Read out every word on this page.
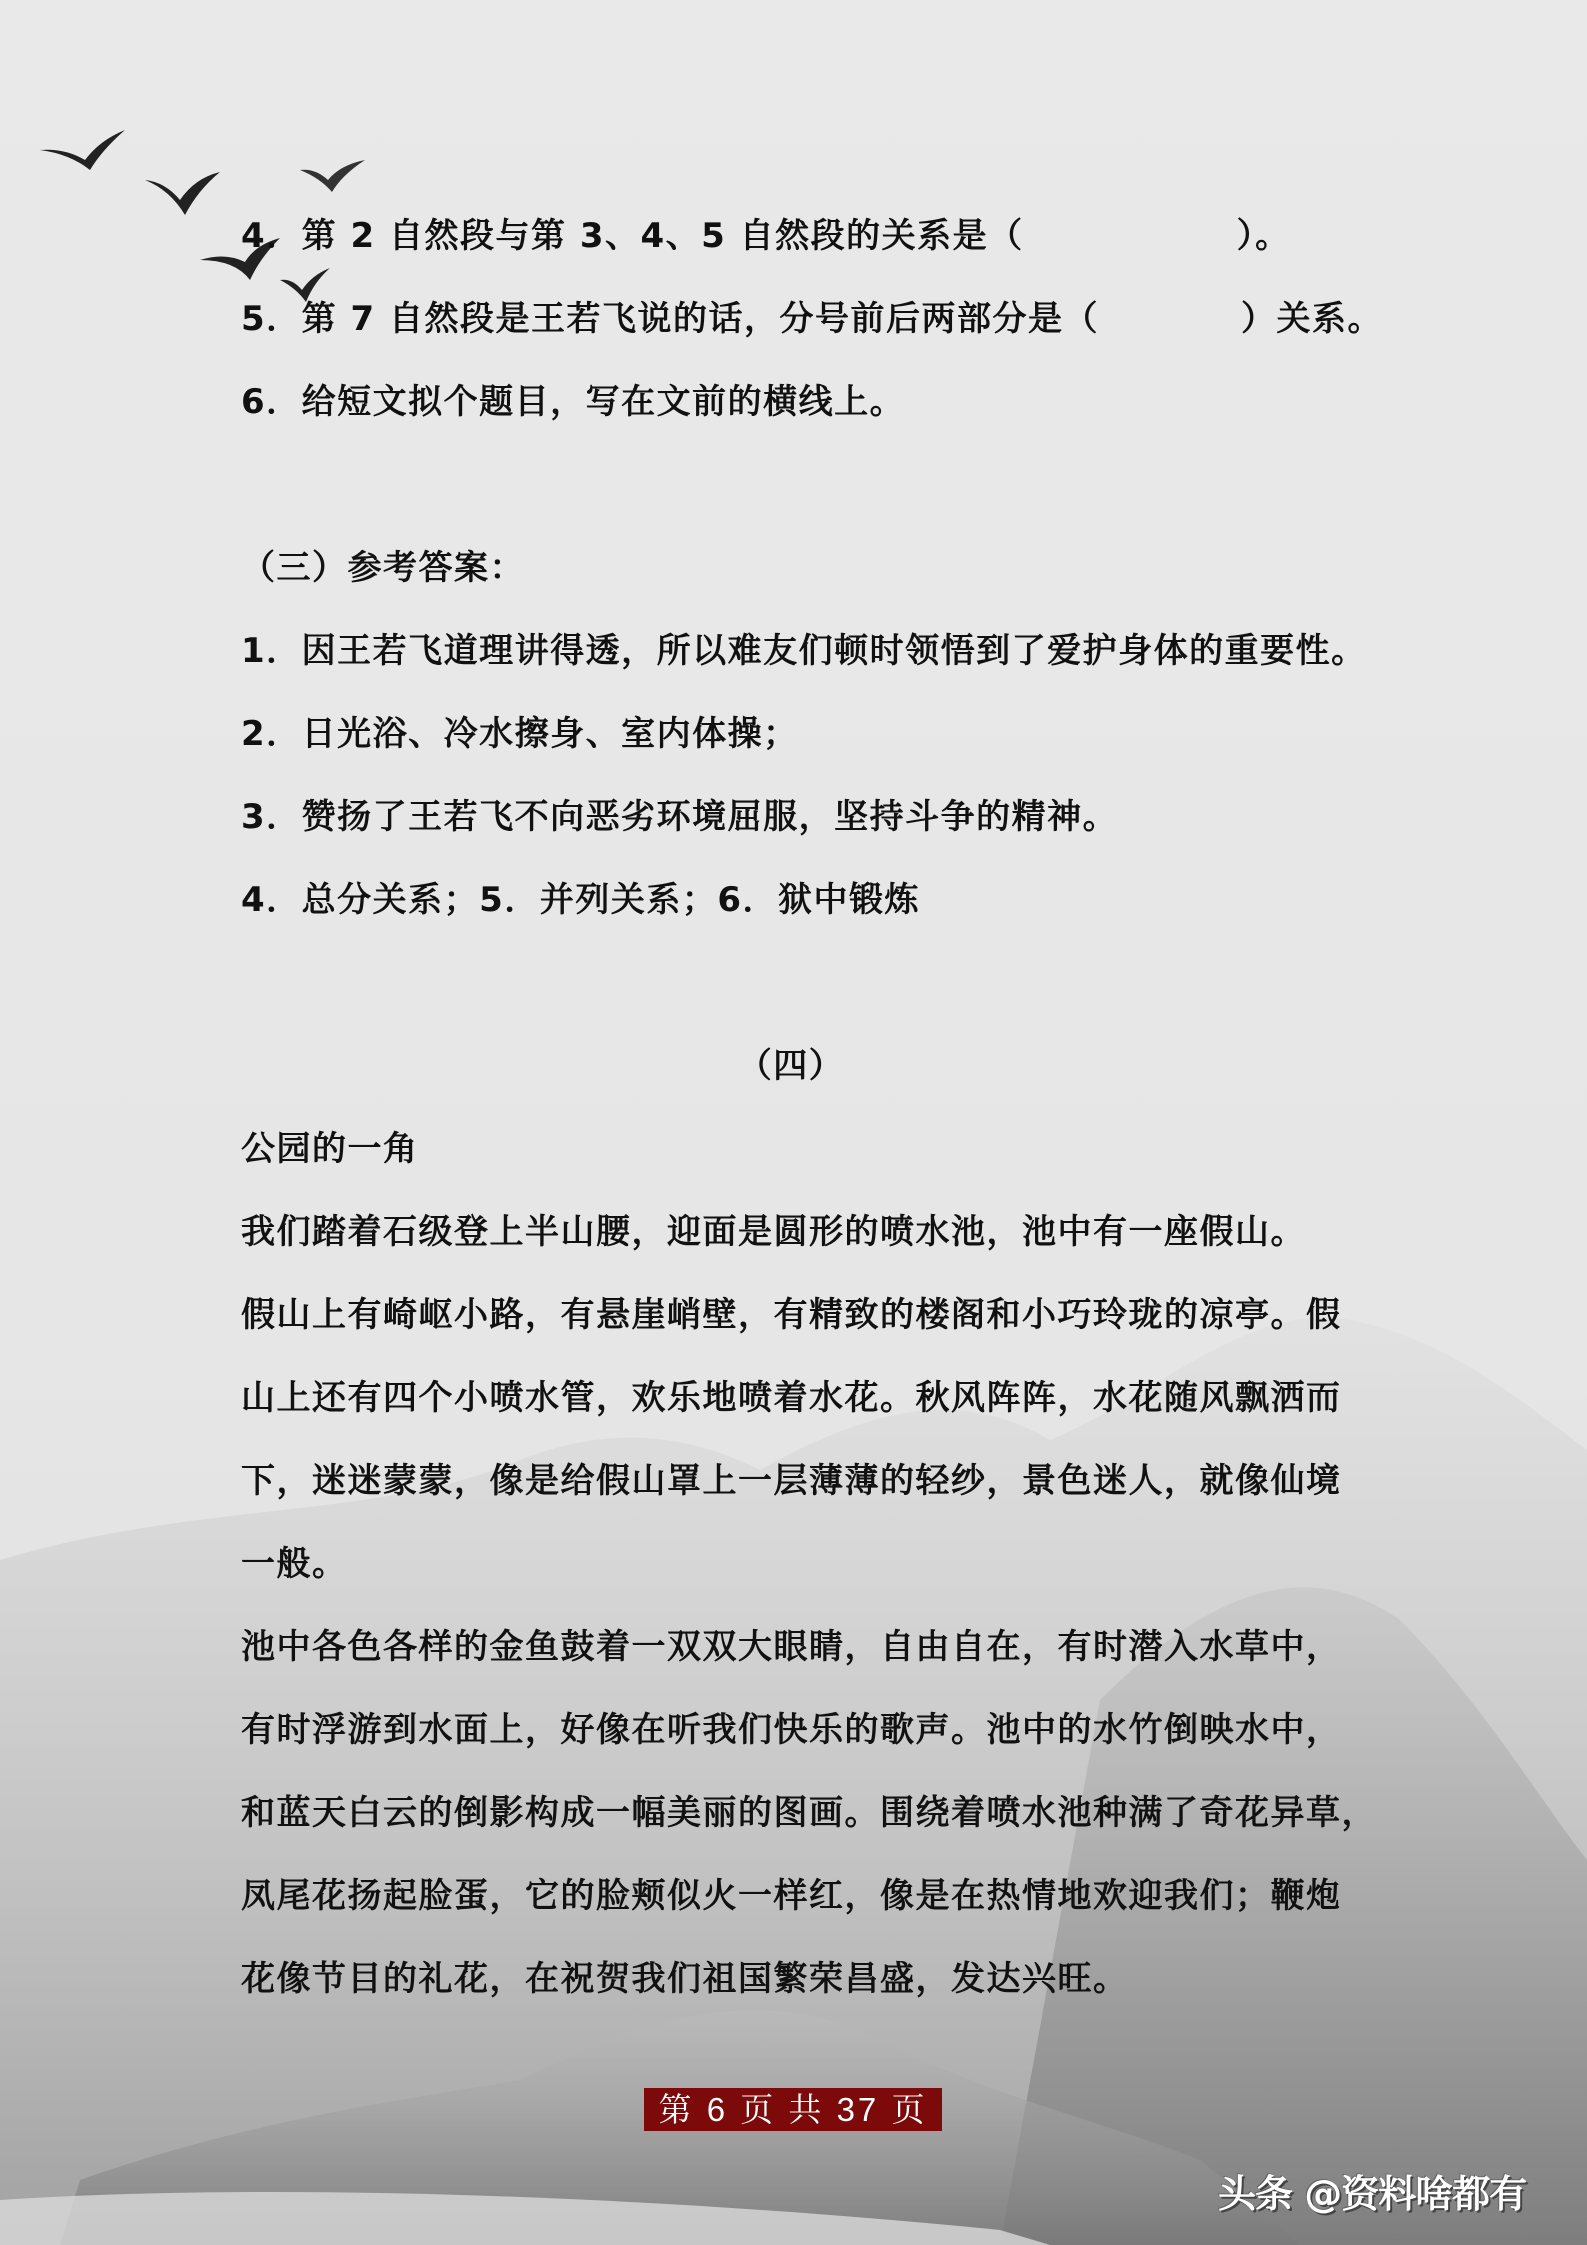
4．第 2 自然段与第 3、4、5 自然段的关系是（　　　　　　）。
5．第 7 自然段是王若飞说的话，分号前后两部分是（　　　　）关系。
6．给短文拟个题目，写在文前的横线上。
（三）参考答案：
1．因王若飞道理讲得透，所以难友们顿时领悟到了爱护身体的重要性。
2．日光浴、冷水擦身、室内体操；
3．赞扬了王若飞不向恶劣环境屈服，坚持斗争的精神。
4．总分关系；5．并列关系；6．狱中锻炼
（四）
公园的一角
我们踏着石级登上半山腰，迎面是圆形的喷水池，池中有一座假山。
假山上有崎岖小路，有悬崖峭壁，有精致的楼阁和小巧玲珑的凉亭。假
山上还有四个小喷水管，欢乐地喷着水花。秋风阵阵，水花随风飘洒而
下，迷迷蒙蒙，像是给假山罩上一层薄薄的轻纱，景色迷人，就像仙境
一般。
池中各色各样的金鱼鼓着一双双大眼睛，自由自在，有时潜入水草中，
有时浮游到水面上，好像在听我们快乐的歌声。池中的水竹倒映水中，
和蓝天白云的倒影构成一幅美丽的图画。围绕着喷水池种满了奇花异草，
凤尾花扬起脸蛋，它的脸颊似火一样红，像是在热情地欢迎我们；鞭炮
花像节目的礼花，在祝贺我们祖国繁荣昌盛，发达兴旺。
第 6 页 共 37 页
头条 @资料啥都有
